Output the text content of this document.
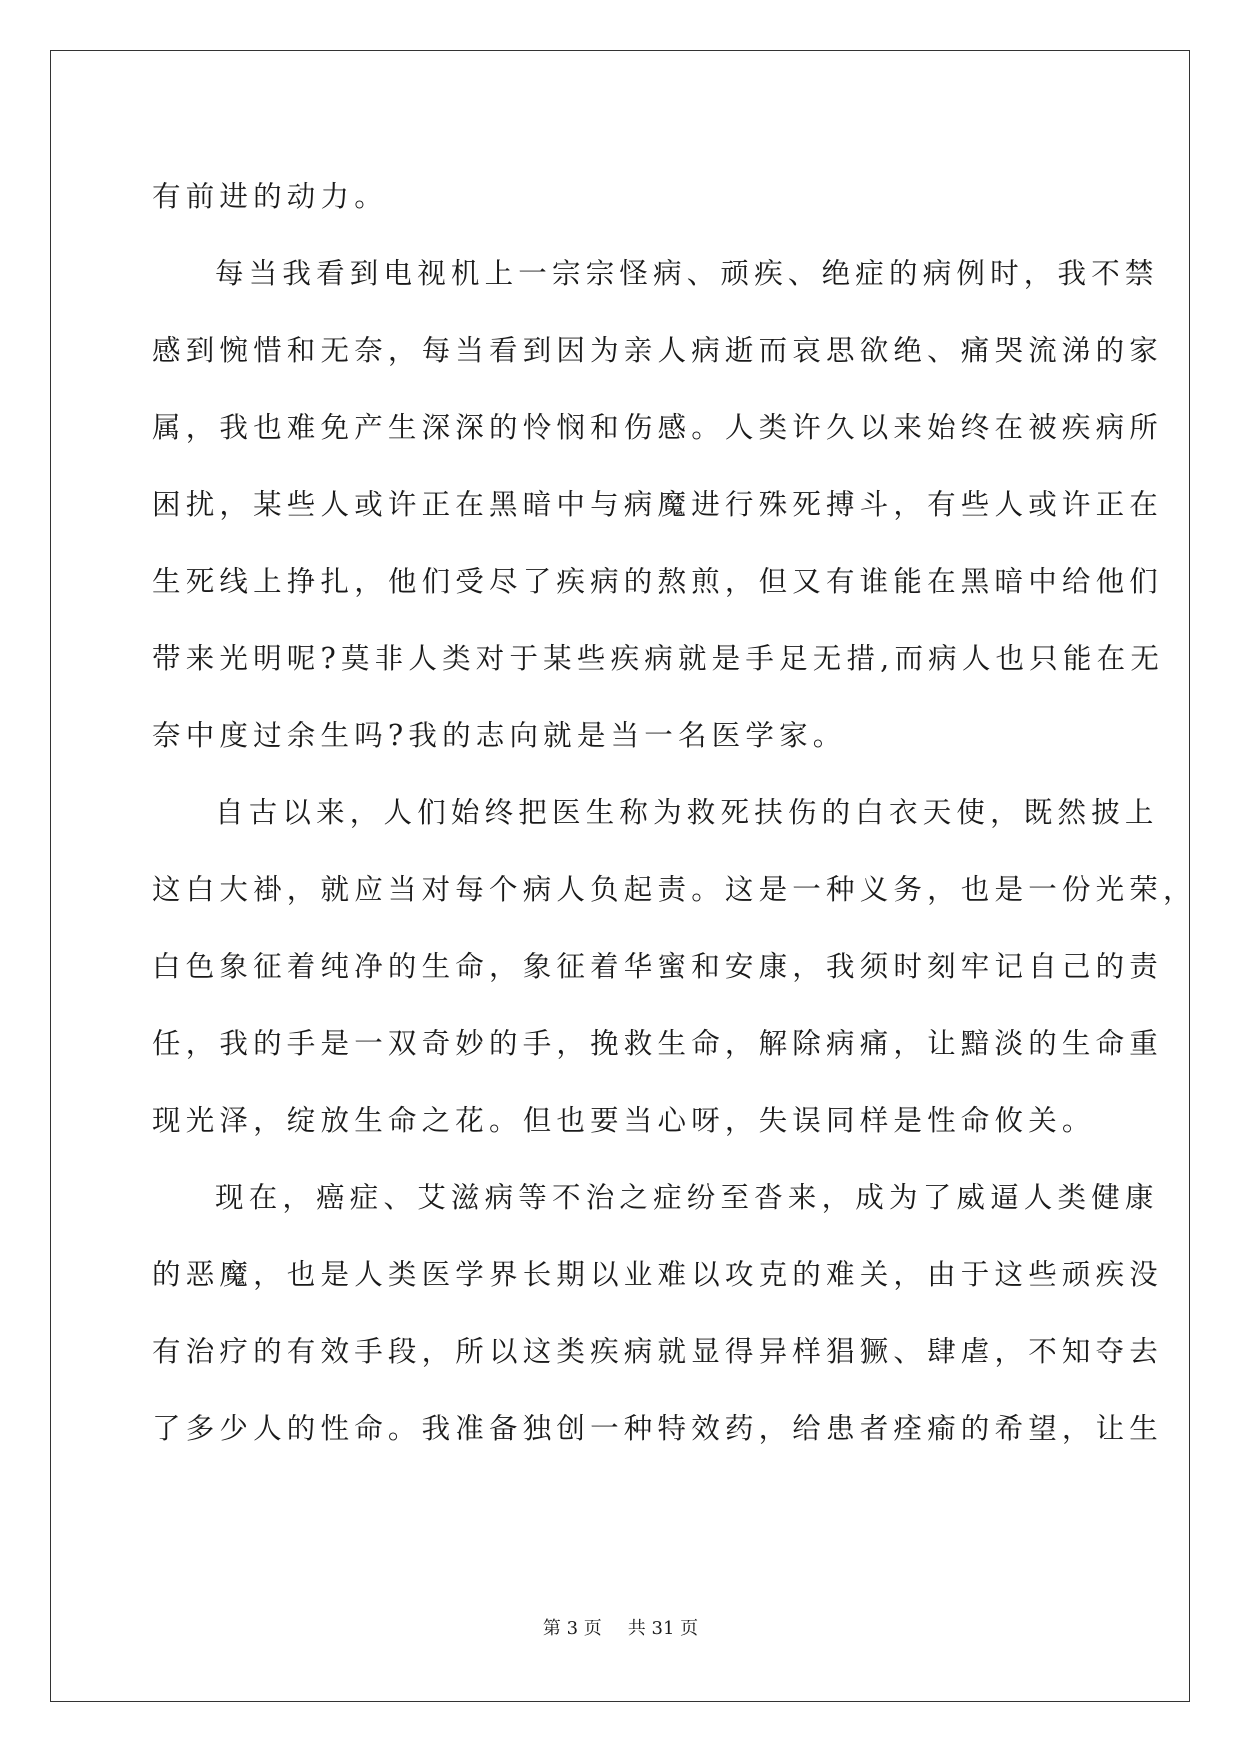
有前进的动力。
每当我看到电视机上一宗宗怪病、顽疾、绝症的病例时，我不禁
感到惋惜和无奈，每当看到因为亲人病逝而哀思欲绝、痛哭流涕的家
属，我也难免产生深深的怜悯和伤感。人类许久以来始终在被疾病所
困扰，某些人或许正在黑暗中与病魔进行殊死搏斗，有些人或许正在
生死线上挣扎，他们受尽了疾病的熬煎，但又有谁能在黑暗中给他们
带来光明呢?莫非人类对于某些疾病就是手足无措,而病人也只能在无
奈中度过余生吗?我的志向就是当一名医学家。
自古以来，人们始终把医生称为救死扶伤的白衣天使，既然披上
这白大褂，就应当对每个病人负起责。这是一种义务，也是一份光荣，
白色象征着纯净的生命，象征着华蜜和安康，我须时刻牢记自己的责
任，我的手是一双奇妙的手，挽救生命，解除病痛，让黯淡的生命重
现光泽，绽放生命之花。但也要当心呀，失误同样是性命攸关。
现在，癌症、艾滋病等不治之症纷至沓来，成为了威逼人类健康
的恶魔，也是人类医学界长期以业难以攻克的难关，由于这些顽疾没
有治疗的有效手段，所以这类疾病就显得异样猖獗、肆虐，不知夺去
了多少人的性命。我准备独创一种特效药，给患者痊瘉的希望，让生
第 3 页 共 31 页
